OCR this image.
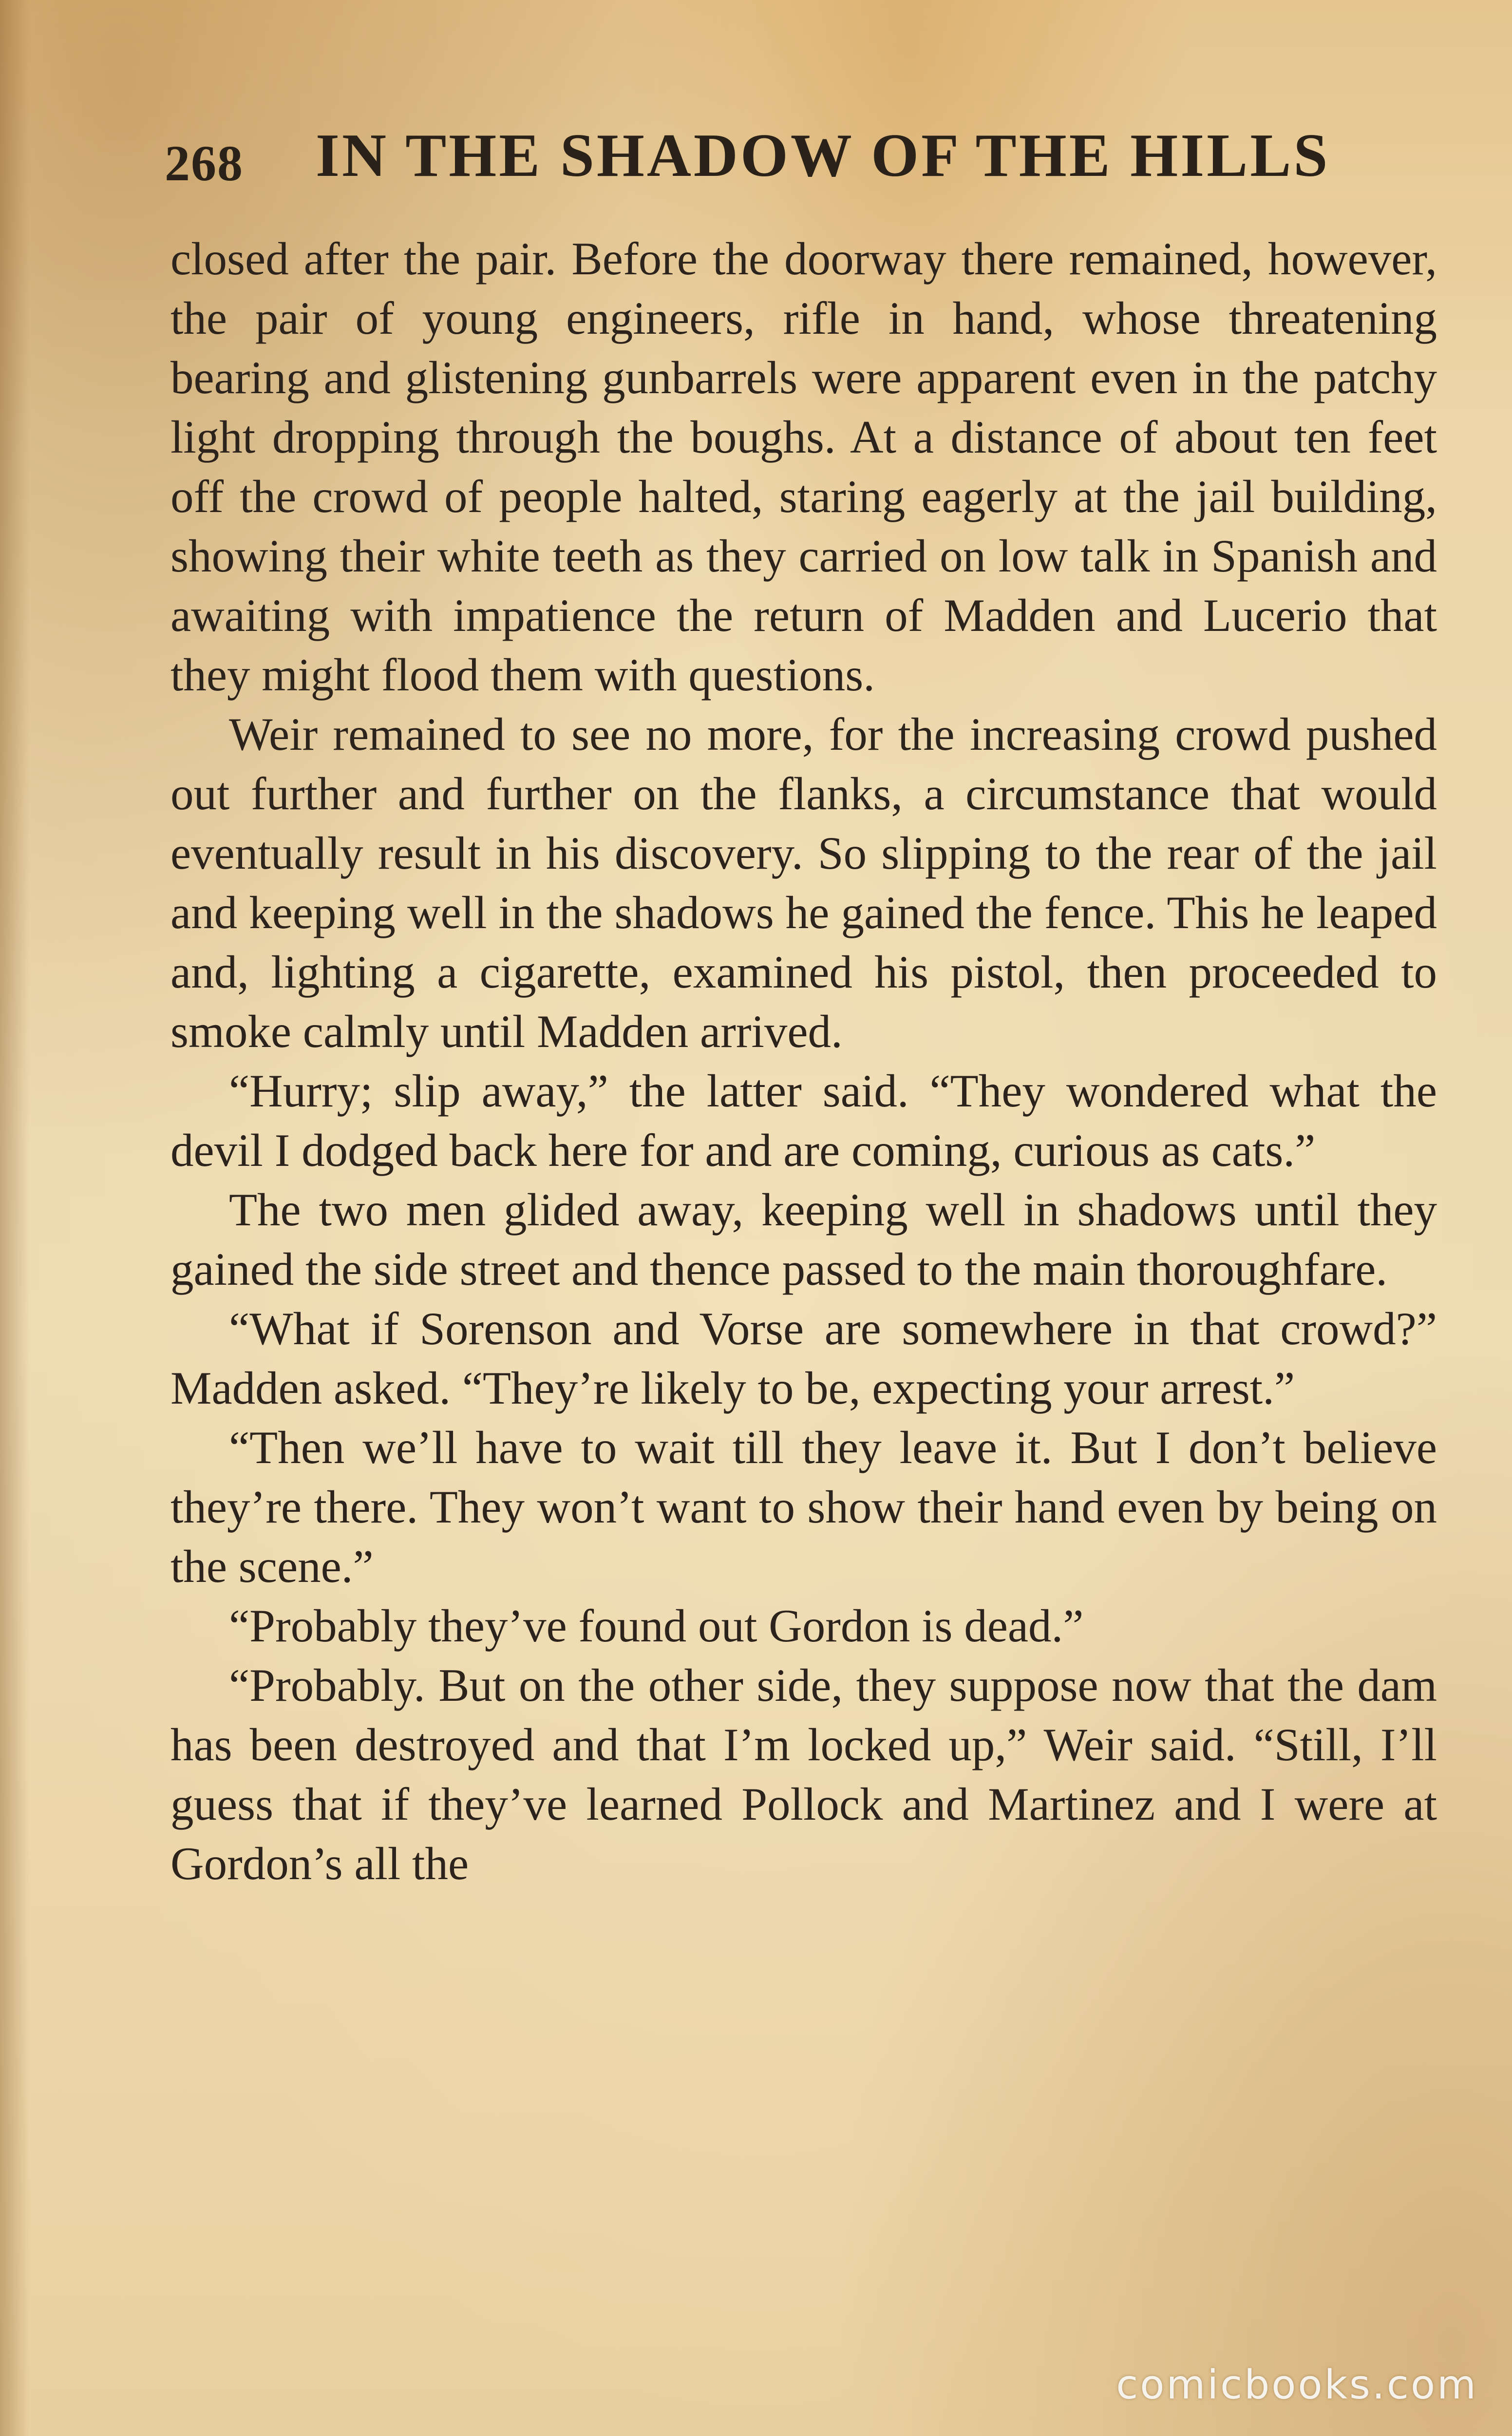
268 IN THE SHADOW OF THE HILLS

closed after the pair. Before the doorway there remained, however, the pair of young engineers, rifle in hand, whose threatening bearing and glistening gunbarrels were apparent even in the patchy light dropping through the boughs. At a distance of about ten feet off the crowd of people halted, staring eagerly at the jail building, showing their white teeth as they carried on low talk in Spanish and awaiting with impatience the return of Madden and Lucerio that they might flood them with questions.

Weir remained to see no more, for the increasing crowd pushed out further and further on the flanks, a circumstance that would eventually result in his discovery. So slipping to the rear of the jail and keeping well in the shadows he gained the fence. This he leaped and, lighting a cigarette, examined his pistol, then proceeded to smoke calmly until Madden arrived.

“Hurry; slip away,” the latter said. “They wondered what the devil I dodged back here for and are coming, curious as cats.”

The two men glided away, keeping well in shadows until they gained the side street and thence passed to the main thoroughfare.

“What if Sorenson and Vorse are somewhere in that crowd?” Madden asked. “They’re likely to be, expecting your arrest.”

“Then we’ll have to wait till they leave it. But I don’t believe they’re there. They won’t want to show their hand even by being on the scene.”

“Probably they’ve found out Gordon is dead.”

“Probably. But on the other side, they suppose now that the dam has been destroyed and that I’m locked up,” Weir said. “Still, I’ll guess that if they’ve learned Pollock and Martinez and I were at Gordon’s all the

comicbooks.com
